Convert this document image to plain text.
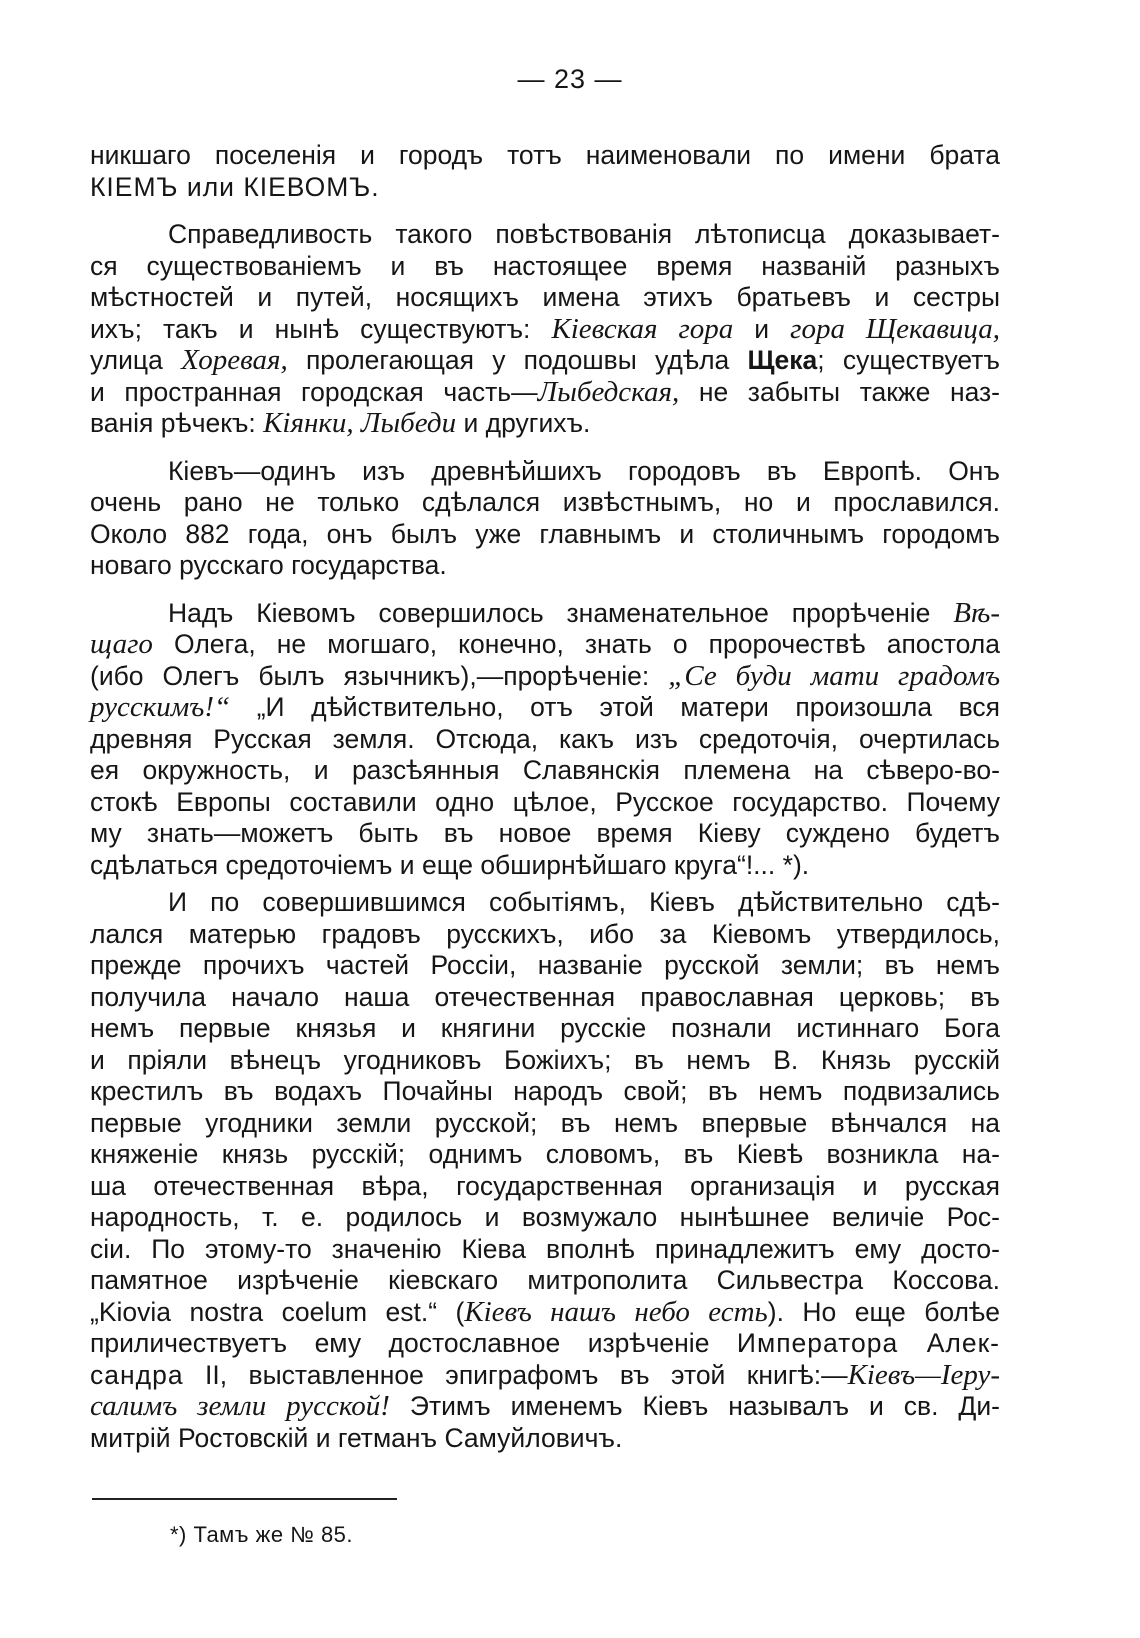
— 23 —
никшаго поселенія и городъ тотъ наименовали по имени брата
КІЕМЪ или КІЕВОМЪ.
Справедливость такого повѣствованія лѣтописца доказывает-
ся существованіемъ и въ настоящее время названій разныхъ
мѣстностей и путей, носящихъ имена этихъ братьевъ и сестры
ихъ; такъ и нынѣ существуютъ: Кіевская гора и гора Щекавица,
улица Хоревая, пролегающая у подошвы удѣла Щека; существуетъ
и пространная городская часть—Лыбедская, не забыты также наз-
ванія рѣчекъ: Кіянки, Лыбеди и другихъ.
Кіевъ—одинъ изъ древнѣйшихъ городовъ въ Европѣ. Онъ
очень рано не только сдѣлался извѣстнымъ, но и прославился.
Около 882 года, онъ былъ уже главнымъ и столичнымъ городомъ
новаго русскаго государства.
Надъ Кіевомъ совершилось знаменательное прорѣченіе Вѣ-
щаго Олега, не могшаго, конечно, знать о пророчествѣ апостола
(ибо Олегъ былъ язычникъ),—прорѣченіе: „Се буди мати градомъ
русскимъ!“ „И дѣйствительно, отъ этой матери произошла вся
древняя Русская земля. Отсюда, какъ изъ средоточія, очертилась
ея окружность, и разсѣянныя Славянскія племена на сѣверо-во-
стокѣ Европы составили одно цѣлое, Русское государство. Почему
му знать—можетъ быть въ новое время Кіеву суждено будетъ
сдѣлаться средоточіемъ и еще обширнѣйшаго круга“!... *).
И по совершившимся событіямъ, Кіевъ дѣйствительно сдѣ-
лался матерью градовъ русскихъ, ибо за Кіевомъ утвердилось,
прежде прочихъ частей Россіи, названіе русской земли; въ немъ
получила начало наша отечественная православная церковь; въ
немъ первые князья и княгини русскіе познали истиннаго Бога
и пріяли вѣнецъ угодниковъ Божіихъ; въ немъ В. Князь русскій
крестилъ въ водахъ Почайны народъ свой; въ немъ подвизались
первые угодники земли русской; въ немъ впервые вѣнчался на
княженіе князь русскій; однимъ словомъ, въ Кіевѣ возникла на-
ша отечественная вѣра, государственная организація и русская
народность, т. е. родилось и возмужало нынѣшнее величіе Рос-
сіи. По этому-то значенію Кіева вполнѣ принадлежитъ ему досто-
памятное изрѣченіе кіевскаго митрополита Сильвестра Коссова.
„Kiovia nostra coelum est.“ (Кіевъ нашъ небо есть). Но еще болѣе
приличествуетъ ему достославное изрѣченіе Императора Алек-
сандра II, выставленное эпиграфомъ въ этой книгѣ:—Кіевъ—Іеру-
салимъ земли русской! Этимъ именемъ Кіевъ называлъ и св. Ди-
митрій Ростовскій и гетманъ Самуйловичъ.
*) Тамъ же № 85.
